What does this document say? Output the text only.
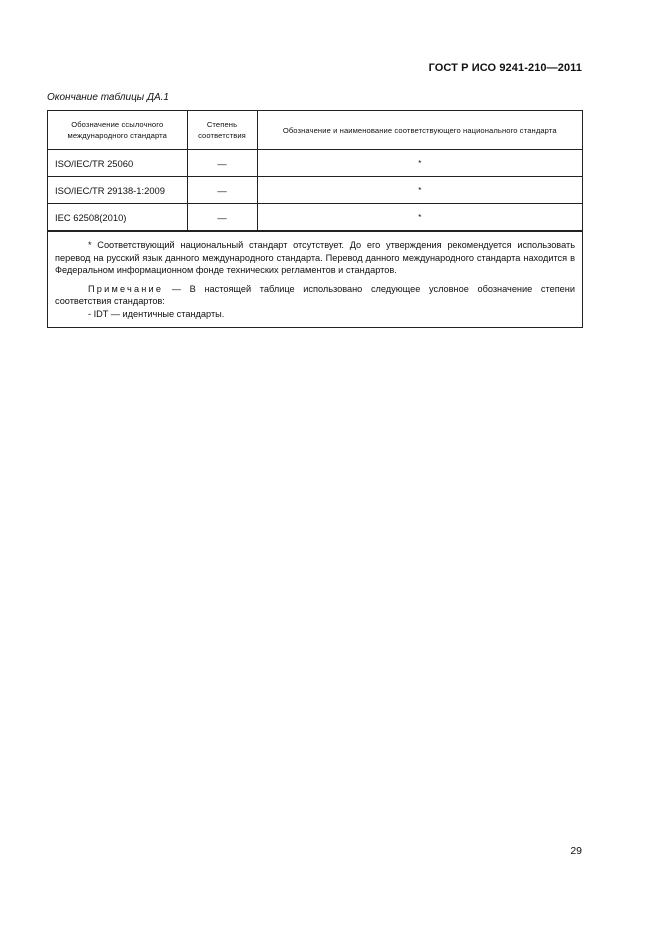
ГОСТ Р ИСО 9241-210—2011
Окончание таблицы ДА.1
Обозначение ссылочного международного стандарта	Степень соответствия	Обозначение и наименование соответствующего национального стандарта

ISO/IEC/TR 25060	—	*
ISO/IEC/TR 29138-1:2009	—	*
IEC 62508(2010)	—	*

* Соответствующий национальный стандарт отсутствует. До его утверждения рекомендуется использовать перевод на русский язык данного международного стандарта. Перевод данного международного стандарта находится в Федеральном информационном фонде технических регламентов и стандартов.

Примечание — В настоящей таблице использовано следующее условное обозначение степени соответствия стандартов:

- IDT — идентичные стандарты.

29
